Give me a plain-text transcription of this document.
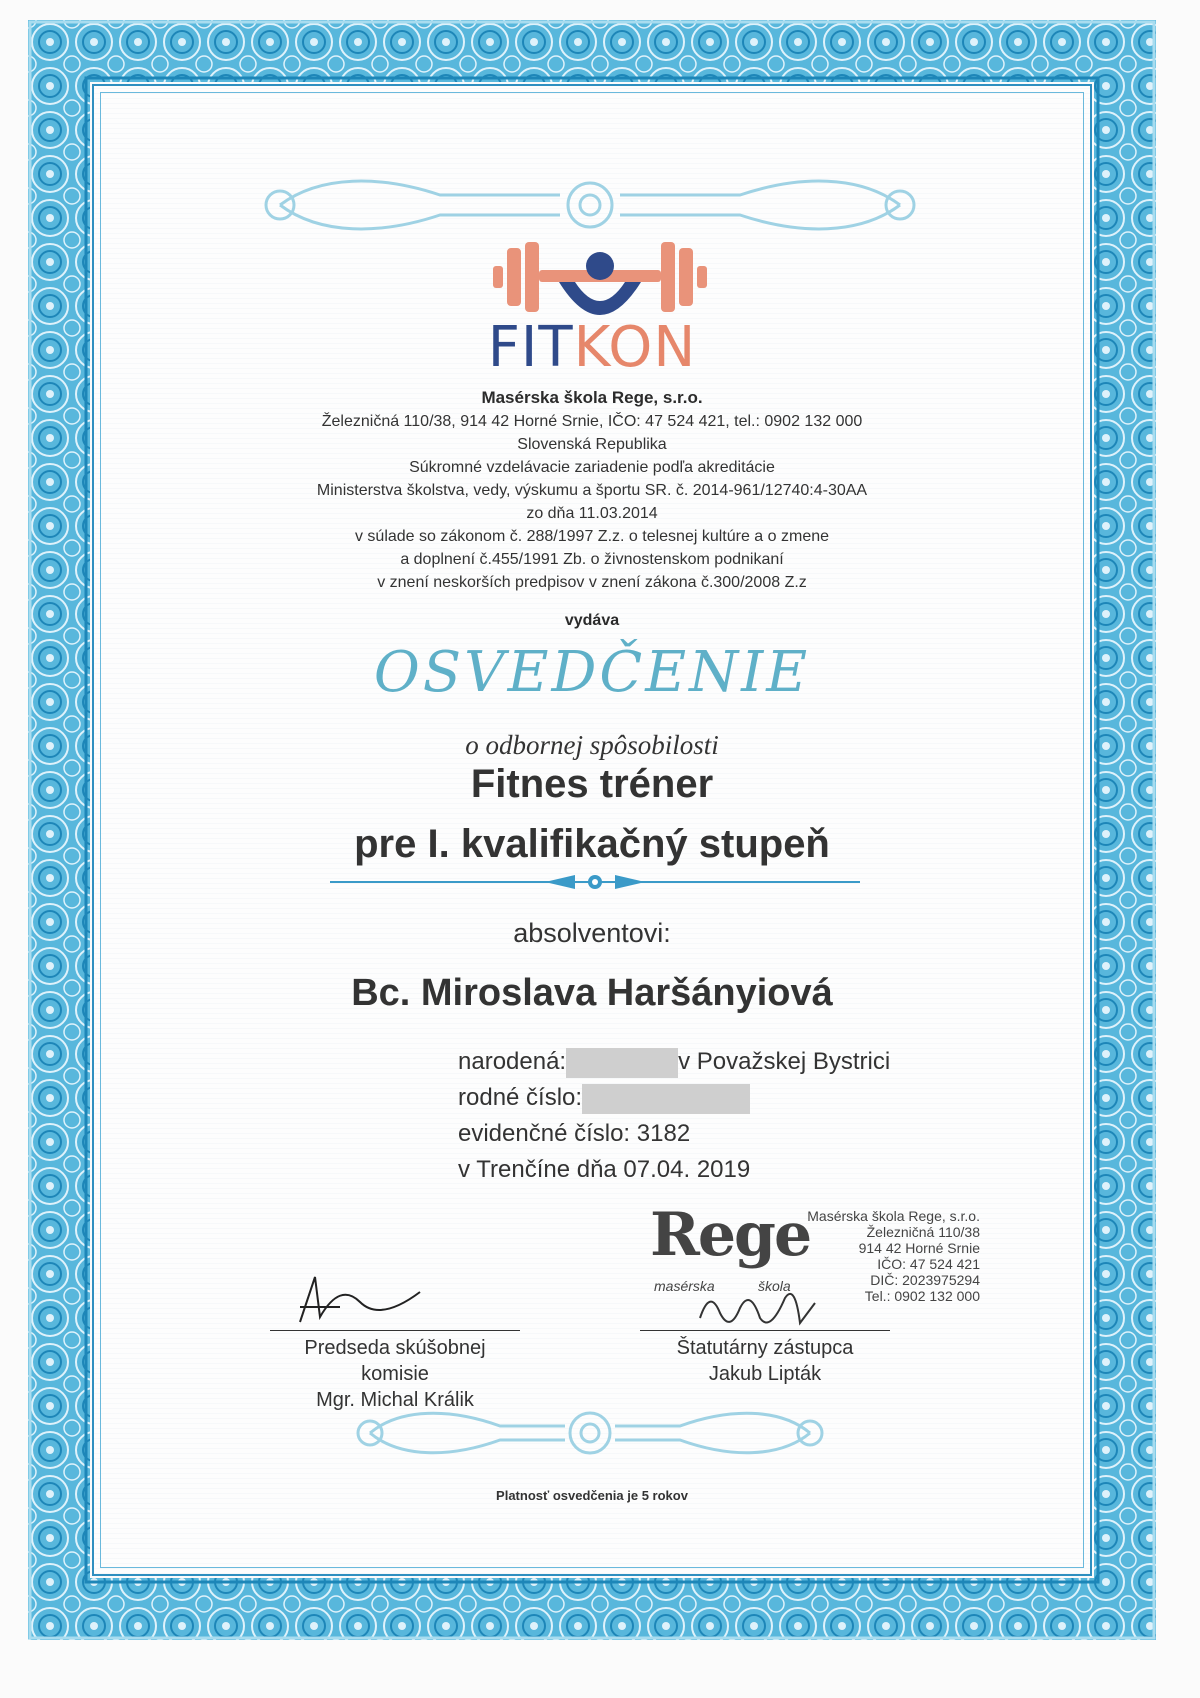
FITKON
Masérska škola Rege, s.r.o.
Železničná 110/38, 914 42 Horné Srnie, IČO: 47 524 421, tel.: 0902 132 000
Slovenská Republika
Súkromné vzdelávacie zariadenie podľa akreditácie
Ministerstva školstva, vedy, výskumu a športu SR. č. 2014-961/12740:4-30AA
zo dňa 11.03.2014
v súlade so zákonom č. 288/1997 Z.z. o telesnej kultúre a o zmene
a doplnení č.455/1991 Zb. o živnostenskom podnikaní
v znení neskorších predpisov v znení zákona č.300/2008 Z.z
vydáva
OSVEDČENIE
o odbornej spôsobilosti
Fitnes tréner
pre I. kvalifikačný stupeň
absolventovi:
Bc. Miroslava Haršányiová
narodená:	v Považskej Bystrici
rodné číslo:
evidenčné číslo: 3182
v Trenčíne dňa 07.04. 2019
Rege
masérska	škola
Masérska škola Rege, s.r.o.
Železničná 110/38
914 42 Horné Srnie
IČO: 47 524 421
DIČ: 2023975294
Tel.: 0902 132 000
Predseda skúšobnej komisie
Mgr. Michal Králik
Štatutárny zástupca
Jakub Lipták
Platnosť osvedčenia je 5 rokov
